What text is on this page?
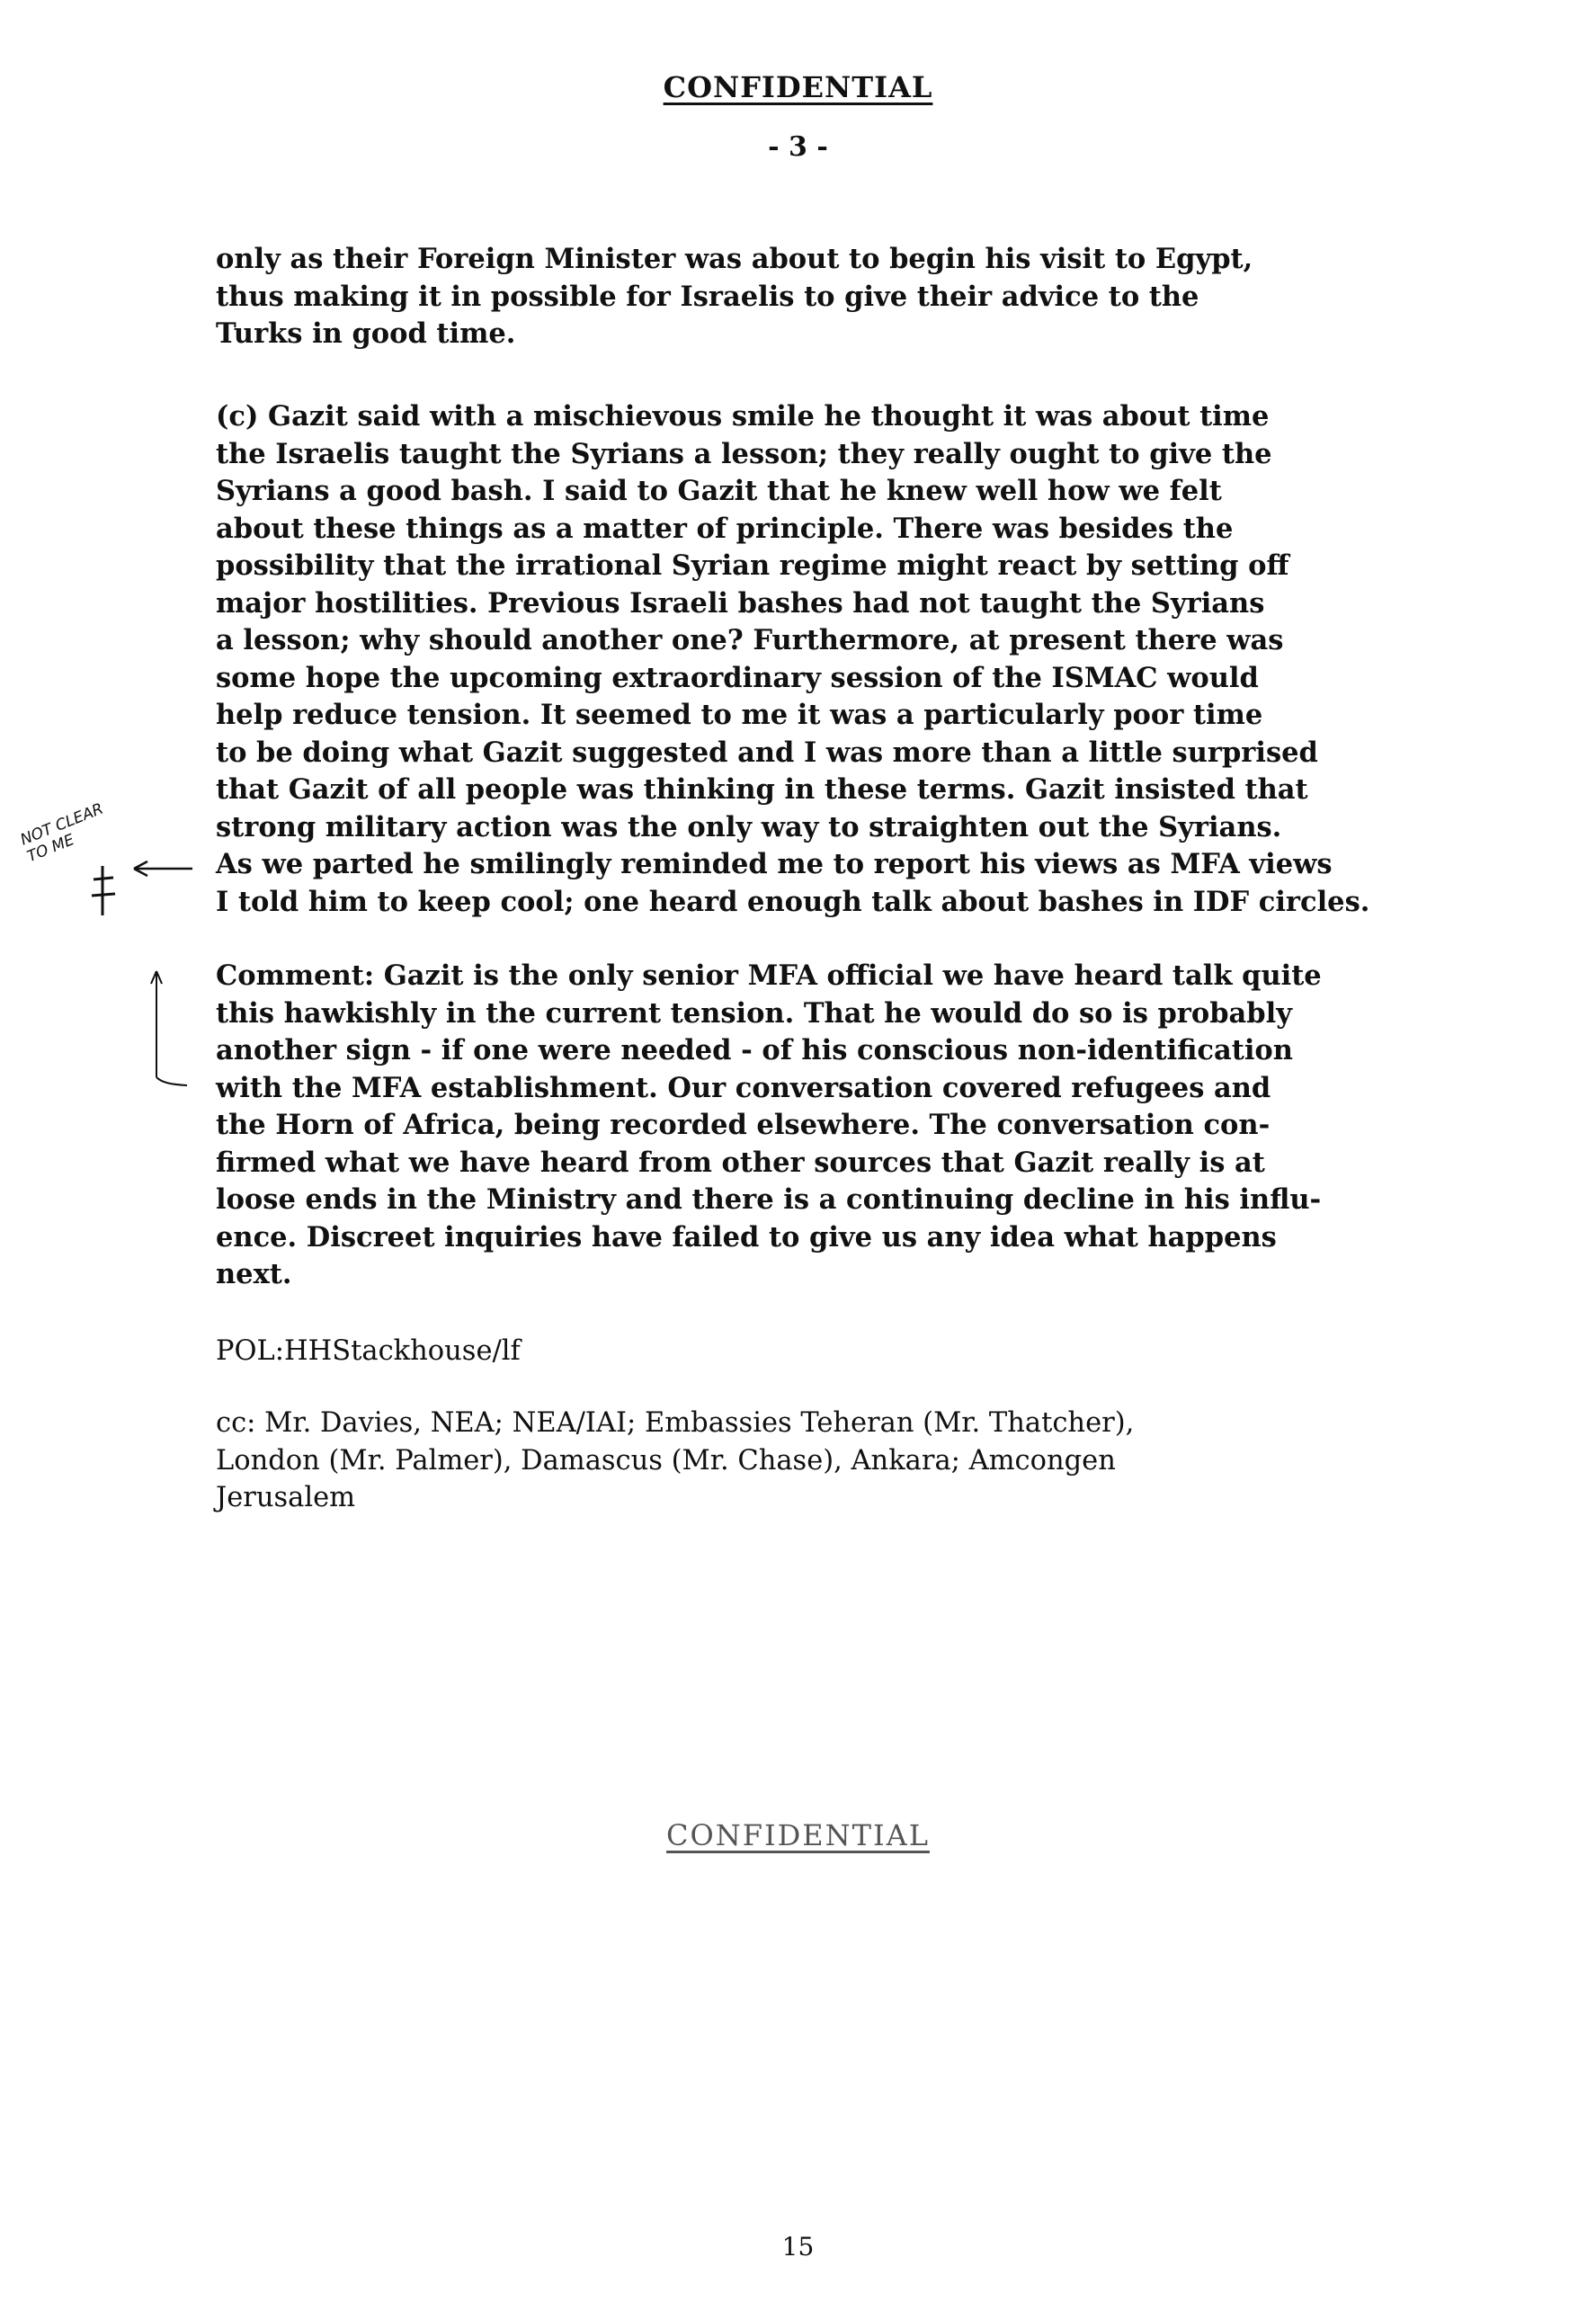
CONFIDENTIAL
- 3 -

only as their Foreign Minister was about to begin his visit to Egypt,
thus making it in possible for Israelis to give their advice to the
Turks in good time.

(c) Gazit said with a mischievous smile he thought it was about time
the Israelis taught the Syrians a lesson; they really ought to give the
Syrians a good bash. I said to Gazit that he knew well how we felt
about these things as a matter of principle. There was besides the
possibility that the irrational Syrian regime might react by setting off
major hostilities. Previous Israeli bashes had not taught the Syrians
a lesson; why should another one? Furthermore, at present there was
some hope the upcoming extraordinary session of the ISMAC would
help reduce tension. It seemed to me it was a particularly poor time
to be doing what Gazit suggested and I was more than a little surprised
that Gazit of all people was thinking in these terms. Gazit insisted that
strong military action was the only way to straighten out the Syrians.
As we parted he smilingly reminded me to report his views as MFA views
I told him to keep cool; one heard enough talk about bashes in IDF circles.

Comment: Gazit is the only senior MFA official we have heard talk quite
this hawkishly in the current tension. That he would do so is probably
another sign - if one were needed - of his conscious non-identification
with the MFA establishment. Our conversation covered refugees and
the Horn of Africa, being recorded elsewhere. The conversation con-
firmed what we have heard from other sources that Gazit really is at
loose ends in the Ministry and there is a continuing decline in his influ-
ence. Discreet inquiries have failed to give us any idea what happens
next.

POL:HHStackhouse/lf

cc: Mr. Davies, NEA; NEA/IAI; Embassies Teheran (Mr. Thatcher),
London (Mr. Palmer), Damascus (Mr. Chase), Ankara; Amcongen
Jerusalem

NOT CLEAR
TO ME
CONFIDENTIAL
15
